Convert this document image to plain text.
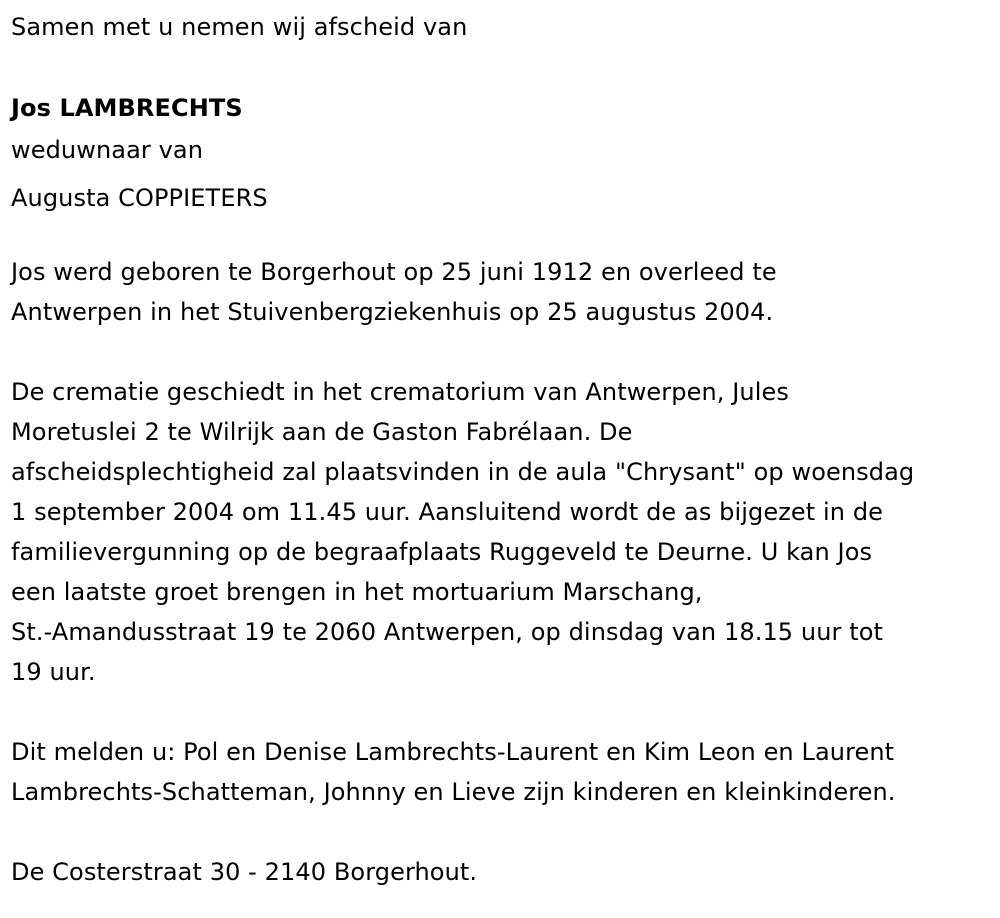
Samen met u nemen wij afscheid van
Jos LAMBRECHTS
weduwnaar van
Augusta COPPIETERS
Jos werd geboren te Borgerhout op 25 juni 1912 en overleed te
Antwerpen in het Stuivenbergziekenhuis op 25 augustus 2004.
De crematie geschiedt in het crematorium van Antwerpen, Jules
Moretuslei 2 te Wilrijk aan de Gaston Fabrélaan. De
afscheidsplechtigheid zal plaatsvinden in de aula "Chrysant" op woensdag
1 september 2004 om 11.45 uur. Aansluitend wordt de as bijgezet in de
familievergunning op de begraafplaats Ruggeveld te Deurne. U kan Jos
een laatste groet brengen in het mortuarium Marschang,
St.-Amandusstraat 19 te 2060 Antwerpen, op dinsdag van 18.15 uur tot
19 uur.
Dit melden u: Pol en Denise Lambrechts-Laurent en Kim Leon en Laurent
Lambrechts-Schatteman, Johnny en Lieve zijn kinderen en kleinkinderen.
De Costerstraat 30 - 2140 Borgerhout.
